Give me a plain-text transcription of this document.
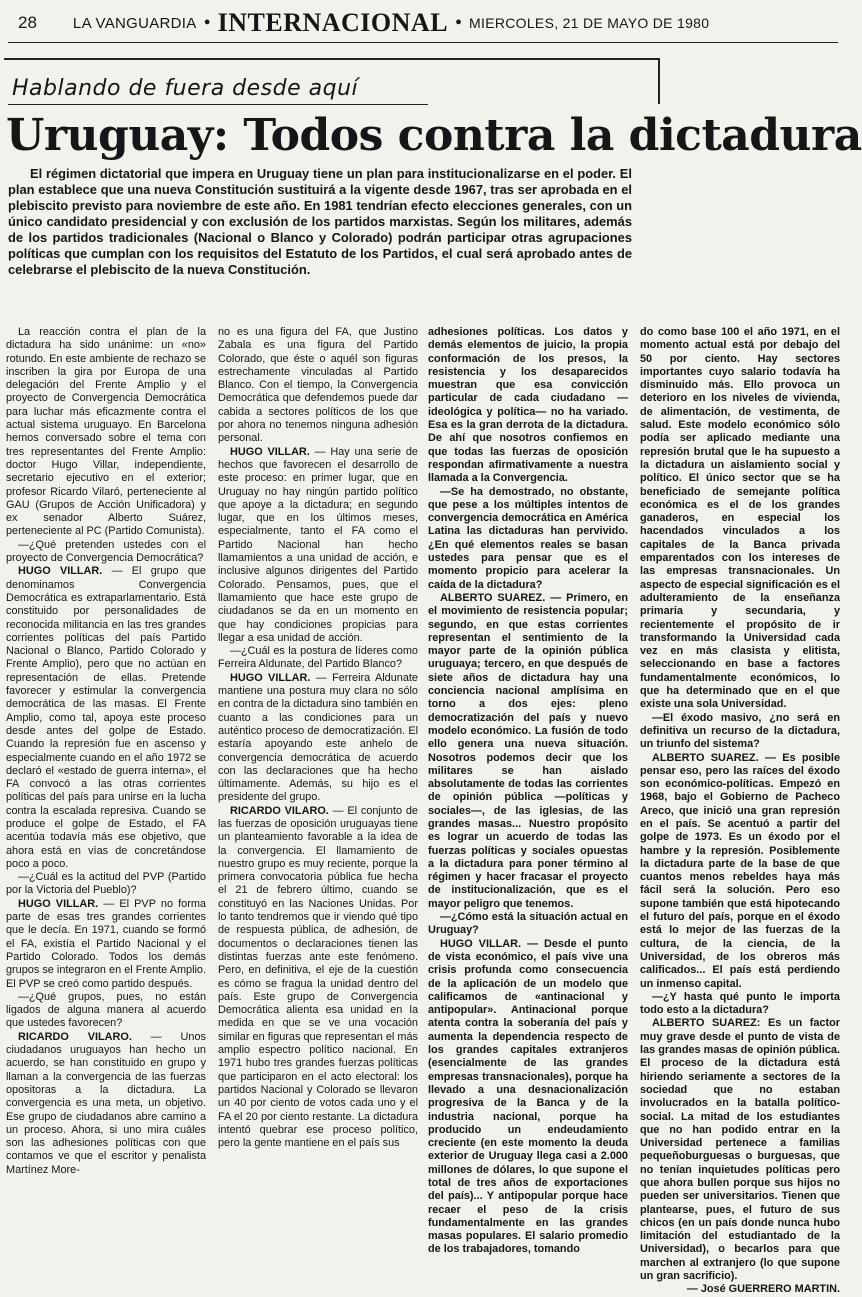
28 LA VANGUARDIA • INTERNACIONAL • MIERCOLES, 21 DE MAYO DE 1980
Hablando de fuera desde aquí
Uruguay: Todos contra la dictadura
El régimen dictatorial que impera en Uruguay tiene un plan para institucionalizarse en el poder. El plan establece que una nueva Constitución sustituirá a la vigente desde 1967, tras ser aprobada en el plebiscito previsto para noviembre de este año. En 1981 tendrían efecto elecciones generales, con un único candidato presidencial y con exclusión de los partidos marxistas. Según los militares, además de los partidos tradicionales (Nacional o Blanco y Colorado) podrán participar otras agrupaciones políticas que cumplan con los requisitos del Estatuto de los Partidos, el cual será aprobado antes de celebrarse el plebiscito de la nueva Constitución.

La reacción contra el plan de la dictadura ha sido unánime: un «no» rotundo. En este ambiente de rechazo se inscriben la gira por Europa de una delegación del Frente Amplio y el proyecto de Convergencia Democrática para luchar más eficazmente contra el actual sistema uruguayo. En Barcelona hemos conversado sobre el tema con tres representantes del Frente Amplio: doctor Hugo Villar, independiente, secretario ejecutivo en el exterior; profesor Ricardo Vilaró, perteneciente al GAU (Grupos de Acción Unificadora) y ex senador Alberto Suárez, perteneciente al PC (Partido Comunista).

—¿Qué pretenden ustedes con el proyecto de Convergencia Democrática?

HUGO VILLAR. — El grupo que denominamos Convergencia Democrática es extraparlamentario. Está constituido por personalidades de reconocida militancia en las tres grandes corrientes políticas del país Partido Nacional o Blanco, Partido Colorado y Frente Amplio), pero que no actúan en representación de ellas. Pretende favorecer y estimular la convergencia democrática de las masas. El Frente Amplio, como tal, apoya este proceso desde antes del golpe de Estado. Cuando la represión fue en ascenso y especialmente cuando en el año 1972 se declaró el «estado de guerra interna», el FA convocó a las otras corrientes políticas del país para unirse en la lucha contra la escalada represiva. Cuando se produce el golpe de Estado, el FA acentúa todavía más ese objetivo, que ahora está en vías de concretándose poco a poco.

—¿Cuál es la actitud del PVP (Partido por la Victoria del Pueblo)?

HUGO VILLAR. — El PVP no forma parte de esas tres grandes corrientes que le decía. En 1971, cuando se formó el FA, existía el Partido Nacional y el Partido Colorado. Todos los demás grupos se integraron en el Frente Amplio. El PVP se creó como partido después.

—¿Qué grupos, pues, no están ligados de alguna manera al acuerdo que ustedes favorecen?

RICARDO VILARO. — Unos ciudadanos uruguayos han hecho un acuerdo, se han constituido en grupo y llaman a la convergencia de las fuerzas opositoras a la dictadura. La convergencia es una meta, un objetivo. Ese grupo de ciudadanos abre camino a un proceso. Ahora, si uno mira cuáles son las adhesiones políticas con que contamos ve que el escritor y penalista Martínez More-

no es una figura del FA, que Justino Zabala es una figura del Partido Colorado, que éste o aquél son figuras estrechamente vinculadas al Partido Blanco. Con el tiempo, la Convergencia Democrática que defendemos puede dar cabida a sectores políticos de los que por ahora no tenemos ninguna adhesión personal.

HUGO VILLAR. — Hay una serie de hechos que favorecen el desarrollo de este proceso: en primer lugar, que en Uruguay no hay ningún partido político que apoye a la dictadura; en segundo lugar, que en los últimos meses, especialmente, tanto el FA como el Partido Nacional han hecho llamamientos a una unidad de acción, e inclusive algunos dirigentes del Partido Colorado. Pensamos, pues, que el llamamiento que hace este grupo de ciudadanos se da en un momento en que hay condiciones propicias para llegar a esa unidad de acción.

—¿Cuál es la postura de líderes como Ferreira Aldunate, del Partido Blanco?

HUGO VILLAR. — Ferreira Aldunate mantiene una postura muy clara no sólo en contra de la dictadura sino también en cuanto a las condiciones para un auténtico proceso de democratización. El estaría apoyando este anhelo de convergencia democrática de acuerdo con las declaraciones que ha hecho últimamente. Además, su hijo es el presidente del grupo.

RICARDO VILARO. — El conjunto de las fuerzas de oposición uruguayas tiene un planteamiento favorable a la idea de la convergencia. El llamamiento de nuestro grupo es muy reciente, porque la primera convocatoria pública fue hecha el 21 de febrero último, cuando se constituyó en las Naciones Unidas. Por lo tanto tendremos que ir viendo qué tipo de respuesta pública, de adhesión, de documentos o declaraciones tienen las distintas fuerzas ante este fenómeno. Pero, en definitiva, el eje de la cuestión es cómo se fragua la unidad dentro del país. Este grupo de Convergencia Democrática alienta esa unidad en la medida en que se ve una vocación similar en figuras que representan el más amplio espectro político nacional. En 1971 hubo tres grandes fuerzas políticas que participaron en el acto electoral: los partidos Nacional y Colorado se llevaron un 40 por ciento de votos cada uno y el FA el 20 por ciento restante. La dictadura intentó quebrar ese proceso político, pero la gente mantiene en el país sus

adhesiones políticas. Los datos y demás elementos de juicio, la propia conformación de los presos, la resistencia y los desaparecidos muestran que esa convicción particular de cada ciudadano —ideológica y política— no ha variado. Esa es la gran derrota de la dictadura. De ahí que nosotros confiemos en que todas las fuerzas de oposición respondan afirmativamente a nuestra llamada a la Convergencia.

—Se ha demostrado, no obstante, que pese a los múltiples intentos de convergencia democrática en América Latina las dictaduras han pervivido. ¿En qué elementos reales se basan ustedes para pensar que es el momento propicio para acelerar la caída de la dictadura?

ALBERTO SUAREZ. — Primero, en el movimiento de resistencia popular; segundo, en que estas corrientes representan el sentimiento de la mayor parte de la opinión pública uruguaya; tercero, en que después de siete años de dictadura hay una conciencia nacional amplísima en torno a dos ejes: pleno democratización del país y nuevo modelo económico. La fusión de todo ello genera una nueva situación. Nosotros podemos decir que los militares se han aislado absolutamente de todas las corrientes de opinión pública —políticas y sociales—, de las iglesias, de las grandes masas... Nuestro propósito es lograr un acuerdo de todas las fuerzas políticas y sociales opuestas a la dictadura para poner término al régimen y hacer fracasar el proyecto de institucionalización, que es el mayor peligro que tenemos.

—¿Cómo está la situación actual en Uruguay?

HUGO VILLAR. — Desde el punto de vista económico, el país vive una crisis profunda como consecuencia de la aplicación de un modelo que calificamos de «antinacional y antipopular». Antinacional porque atenta contra la soberanía del país y aumenta la dependencia respecto de los grandes capitales extranjeros (esencialmente de las grandes empresas transnacionales), porque ha llevado a una desnacionalización progresiva de la Banca y de la industria nacional, porque ha producido un endeudamiento creciente (en este momento la deuda exterior de Uruguay llega casi a 2.000 millones de dólares, lo que supone el total de tres años de exportaciones del país)... Y antipopular porque hace recaer el peso de la crisis fundamentalmente en las grandes masas populares. El salario promedio de los trabajadores, tomando

do como base 100 el año 1971, en el momento actual está por debajo del 50 por ciento. Hay sectores importantes cuyo salario todavía ha disminuido más. Ello provoca un deterioro en los niveles de vivienda, de alimentación, de vestimenta, de salud. Este modelo económico sólo podía ser aplicado mediante una represión brutal que le ha supuesto a la dictadura un aislamiento social y político. El único sector que se ha beneficiado de semejante política económica es el de los grandes ganaderos, en especial los hacendados vinculados a los capitales de la Banca privada emparentados con los intereses de las empresas transnacionales. Un aspecto de especial significación es el adulteramiento de la enseñanza primaria y secundaria, y recientemente el propósito de ir transformando la Universidad cada vez en más clasista y elitista, seleccionando en base a factores fundamentalmente económicos, lo que ha determinado que en el que existe una sola Universidad.

—El éxodo masivo, ¿no será en definitiva un recurso de la dictadura, un triunfo del sistema?

ALBERTO SUAREZ. — Es posible pensar eso, pero las raíces del éxodo son económico-políticas. Empezó en 1968, bajo el Gobierno de Pacheco Areco, que inició una gran represión en el país. Se acentuó a partir del golpe de 1973. Es un éxodo por el hambre y la represión. Posiblemente la dictadura parte de la base de que cuantos menos rebeldes haya más fácil será la solución. Pero eso supone también que está hipotecando el futuro del país, porque en el éxodo está lo mejor de las fuerzas de la cultura, de la ciencia, de la Universidad, de los obreros más calificados... El país está perdiendo un inmenso capital.

—¿Y hasta qué punto le importa todo esto a la dictadura?

ALBERTO SUAREZ: Es un factor muy grave desde el punto de vista de las grandes masas de opinión pública. El proceso de la dictadura está hiriendo seriamente a sectores de la sociedad que no estaban involucrados en la batalla político-social. La mitad de los estudiantes que no han podido entrar en la Universidad pertenece a familias pequeñoburguesas o burguesas, que no tenían inquietudes políticas pero que ahora bullen porque sus hijos no pueden ser universitarios. Tienen que plantearse, pues, el futuro de sus chicos (en un país donde nunca hubo limitación del estudiantado de la Universidad), o becarlos para que marchen al extranjero (lo que supone un gran sacrificio).

— José GUERRERO MARTIN.
